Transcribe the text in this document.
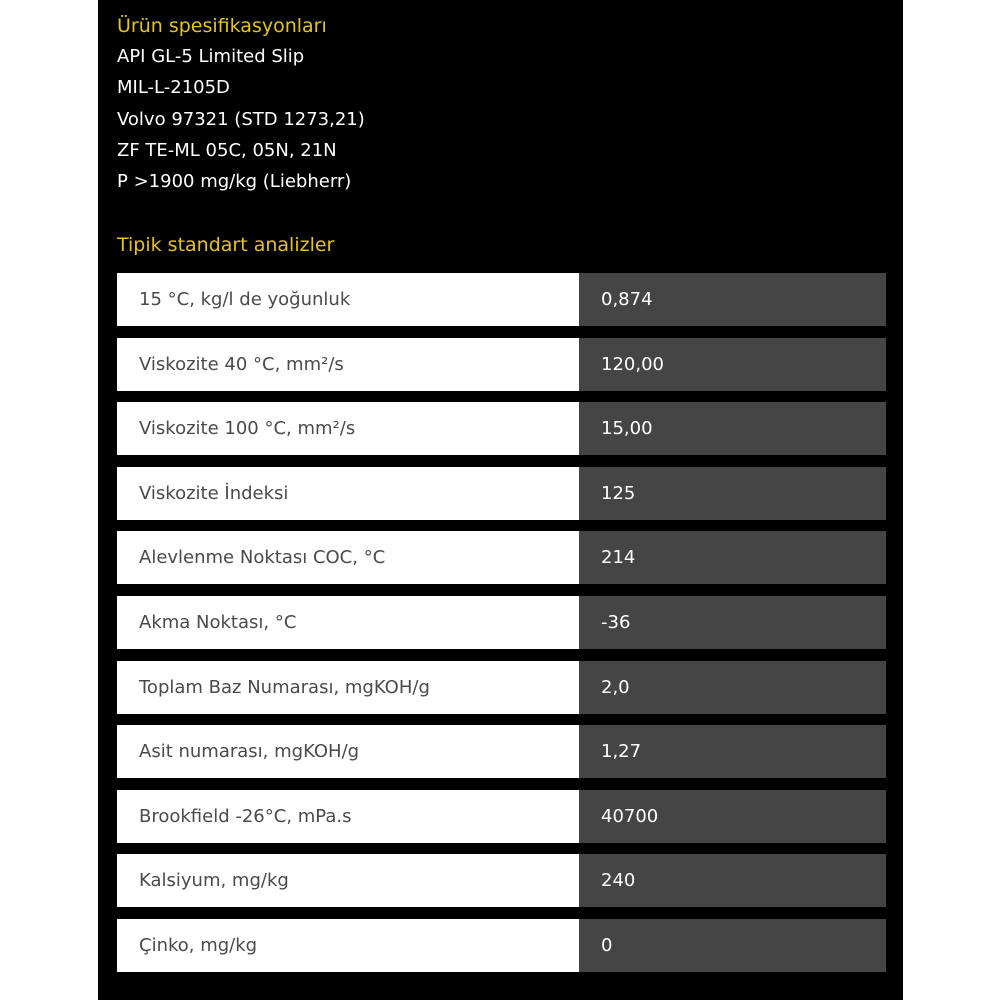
Ürün spesifikasyonları
API GL-5 Limited Slip
MIL-L-2105D
Volvo 97321 (STD 1273,21)
ZF TE-ML 05C, 05N, 21N
P >1900 mg/kg (Liebherr)
Tipik standart analizler
15 °C, kg/l de yoğunluk	0,874
Viskozite 40 °C, mm²/s	120,00
Viskozite 100 °C, mm²/s	15,00
Viskozite İndeksi	125
Alevlenme Noktası COC, °C	214
Akma Noktası, °C	-36
Toplam Baz Numarası, mgKOH/g	2,0
Asit numarası, mgKOH/g	1,27
Brookfield -26°C, mPa.s	40700
Kalsiyum, mg/kg	240
Çinko, mg/kg	0
